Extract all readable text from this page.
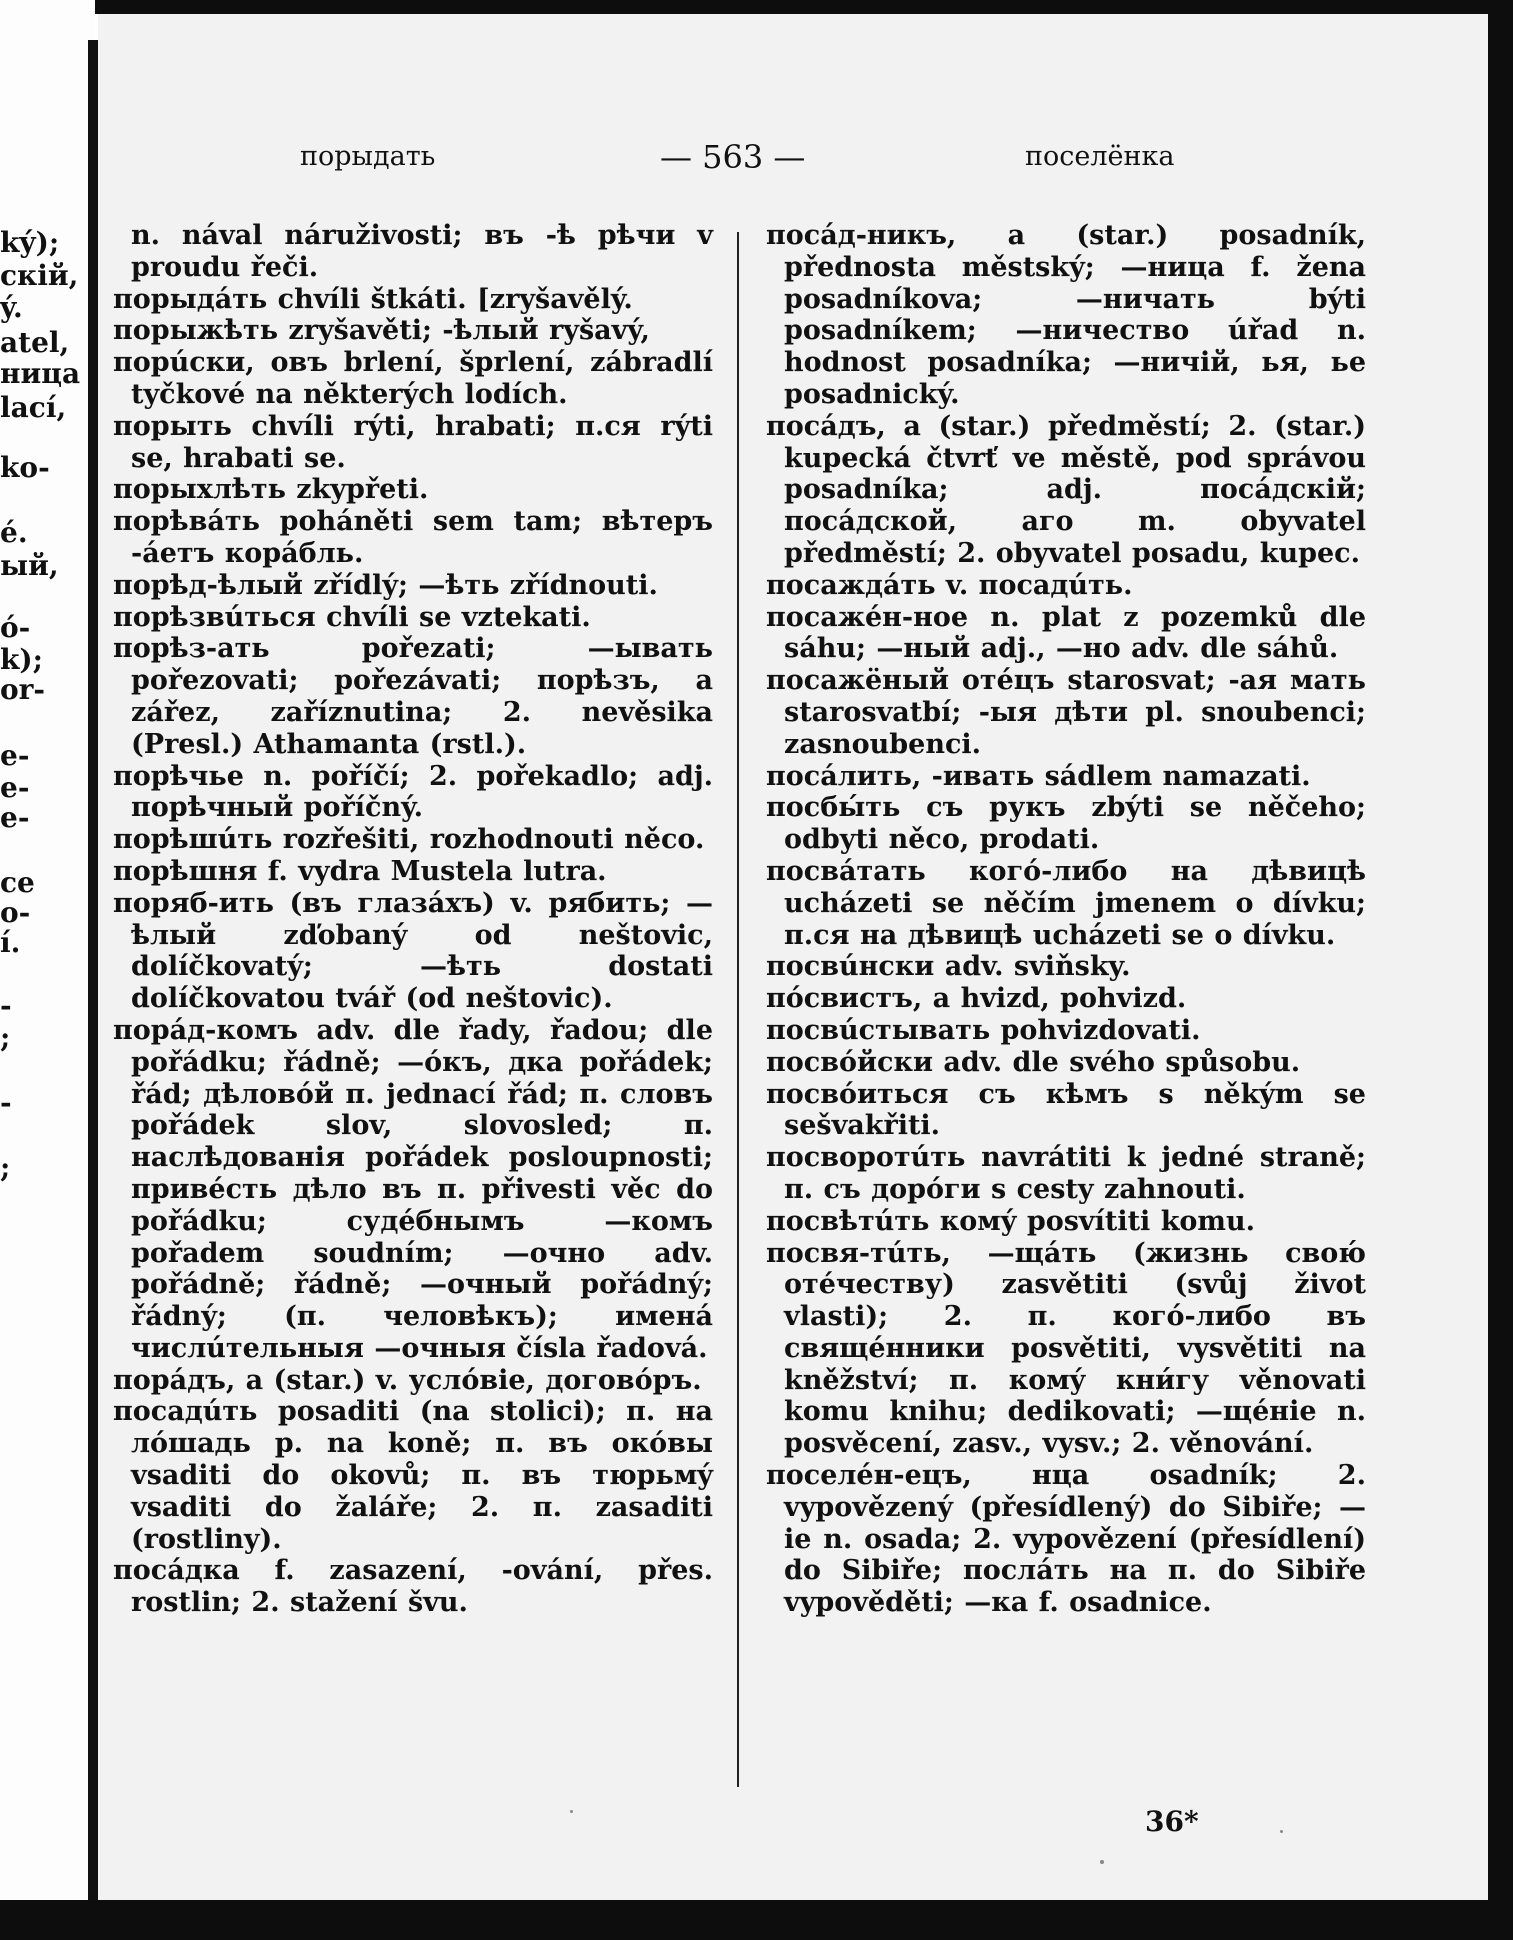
ký);
скій,
ý.
atel,
ница
lací,
ko-
é.
ый,
ó-
k);
or-
e-
e-
e-
ce
o-
í.
-
;
-
;
порыдать	— 563 —	поселёнка
n. nával náruživosti; въ -ѣ рѣчи v proudu řeči.
порыдáть chvíli štkáti. [zryšavělý.
порыжѣть zryšavěti; -ѣлый ryšavý,
порúски, овъ brlení, šprlení, zábradlí tyčkové na některých lodích.
порыть chvíli rýti, hrabati; п.ся rýti se, hrabati se.
порыхлѣть zkypřeti.
порѣвáть poháněti sem tam; вѣтеръ -áетъ корáбль.
порѣд-ѣлый zřídlý; —ѣть zřídnouti.
порѣзвúться chvíli se vztekati.
порѣз-ать pořezati; —ывать pořezovati; pořezávati; порѣзъ, а zářez, zaříznutina; 2. nevěsika (Presl.) Athamanta (rstl.).
порѣчье n. poříčí; 2. pořekadlo; adj. порѣчный poříčný.
порѣшúть rozřešiti, rozhodnouti něco.
порѣшня f. vydra Mustela lutra.
поряб-ить (въ глазáхъ) v. рябить; —ѣлый zďobaný od neštovic, dolíčkovatý; —ѣть dostati dolíčkovatou tvář (od neštovic).
порáд-комъ adv. dle řady, řadou; dle pořádku; řádně; —óкъ, дка pořádek; řád; дѣловóй п. jednací řád; п. словъ pořádek slov, slovosled; п. наслѣдованія pořádek posloupnosti; привéсть дѣло въ п. přivesti věc do pořádku; судéбнымъ —комъ pořadem soudním; —очно adv. pořádně; řádně; —очный pořádný; řádný; (п. человѣкъ); именá числúтельныя —очныя čísla řadová.
порáдъ, а (star.) v. услóвіе, договóръ.
посадúть posaditi (na stolici); п. на лóшадь p. na koně; п. въ окóвы vsaditi do okovů; п. въ тюрьмý vsaditi do žaláře; 2. п. zasaditi (rostliny).
посáдка f. zasazení, -ování, přes. rostlin; 2. stažení švu.
посáд-никъ, а (star.) posadník, přednosta městský; —ница f. žena posadníkova; —ничать býti posadníkem; —ничество úřad n. hodnost posadníka; —ничій, ья, ье posadnický.
посáдъ, а (star.) předměstí; 2. (star.) kupecká čtvrť ve městě, pod správou posadníka; adj. посáдскій; посáдской, аго m. obyvatel předměstí; 2. obyvatel posadu, kupec.
посаждáть v. посадúть.
посажéн-ное n. plat z pozemků dle sáhu; —ный adj., —но adv. dle sáhů.
посажёный отéцъ starosvat; -ая мать starosvatbí; -ыя дѣти pl. snoubenci; zasnoubenci.
посáлить, -ивать sádlem namazati.
посбы́ть съ рукъ zbýti se něčeho; odbyti něco, prodati.
посвáтать когó-либо на дѣвицѣ ucházeti se něčím jmenem o dívku; п.ся на дѣвицѣ ucházeti se o dívku.
посвúнски adv. sviňsky.
пóсвистъ, а hvizd, pohvizd.
посвúстывать pohvizdovati.
посвóйски adv. dle svého spůsobu.
посвóиться съ кѣмъ s někým se sešvakřiti.
посворотúть navrátiti k jedné straně; п. съ дорóги s cesty zahnouti.
посвѣтúть комý posvítiti komu.
посвя-тúть, —щáть (жизнь свою́ отéчеству) zasvětiti (svůj život vlasti); 2. п. когó-либо въ свящéнники posvětiti, vysvětiti na kněžství; п. комý кни́гу věnovati komu knihu; dedikovati; —щéніе n. posvěcení, zasv., vysv.; 2. věnování.
поселéн-ецъ, нца osadník; 2. vypovězený (přesídlený) do Sibiře; —іе n. osada; 2. vypovězení (přesídlení) do Sibiře; послáть на п. do Sibiře vypověděti; —ка f. osadnice.
36*
